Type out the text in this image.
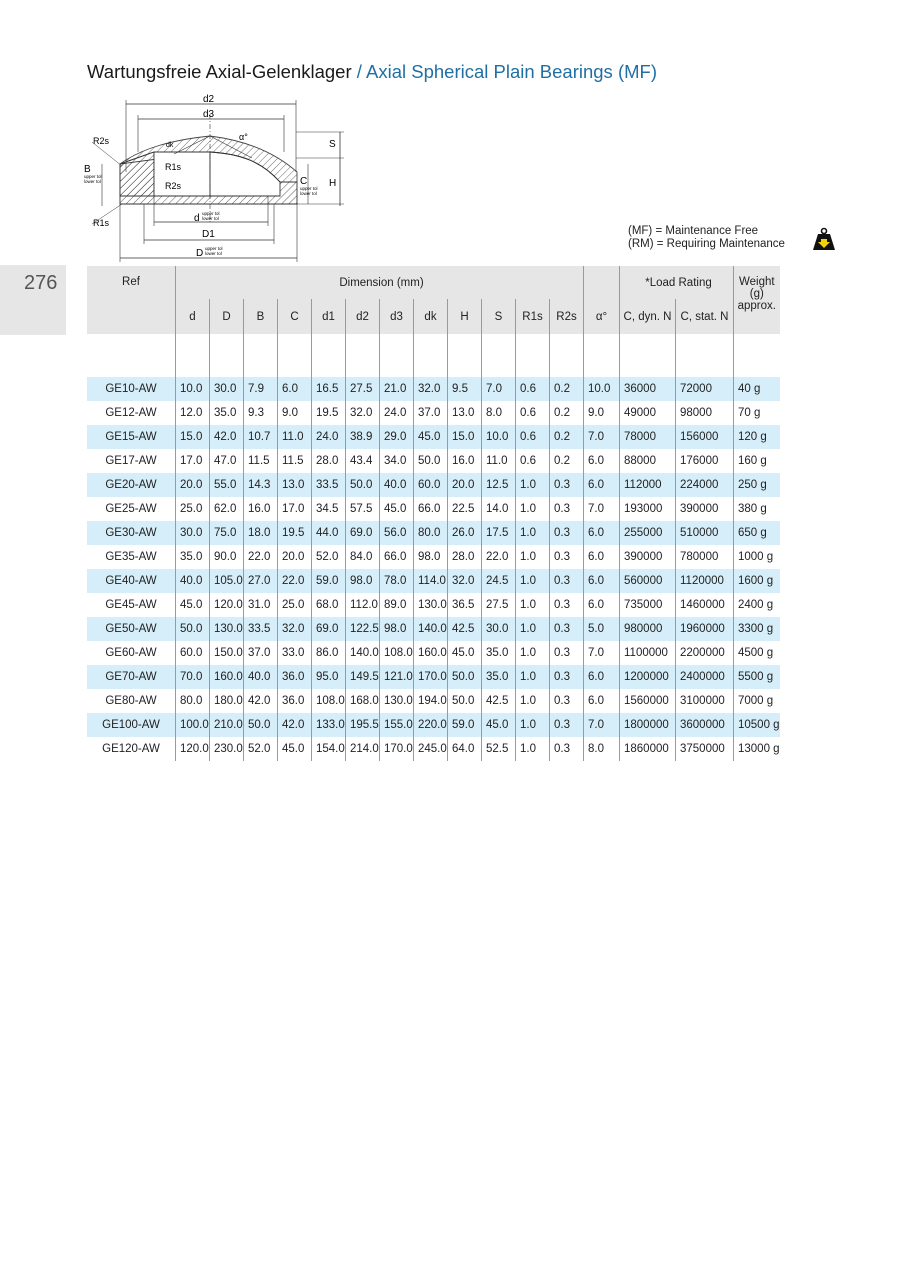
Wartungsfreie Axial-Gelenklager / Axial Spherical Plain Bearings (MF)
276
d2
d3
α°
dk	S
H
C
upper tol
lower tol
R2s
B
upper tol
lower tol
R1s
R1s
R2s
d upper tol
lower tol
D1
D upper tol
lower tol
(MF) = Maintenance Free
(RM) = Requiring Maintenance
Ref	Dimension (mm)													*Load Rating		Weight
(g)
approx.

	d	D	B	C	d1	d2	d3	dk	H	S	R1s	R2s	α°	C, dyn. N	C, stat. N	

GE10-AW	10.0	30.0	7.9	6.0	16.5	27.5	21.0	32.0	9.5	7.0	0.6	0.2	10.0	36000	72000	40 g
GE12-AW	12.0	35.0	9.3	9.0	19.5	32.0	24.0	37.0	13.0	8.0	0.6	0.2	9.0	49000	98000	70 g
GE15-AW	15.0	42.0	10.7	11.0	24.0	38.9	29.0	45.0	15.0	10.0	0.6	0.2	7.0	78000	156000	120 g
GE17-AW	17.0	47.0	11.5	11.5	28.0	43.4	34.0	50.0	16.0	11.0	0.6	0.2	6.0	88000	176000	160 g
GE20-AW	20.0	55.0	14.3	13.0	33.5	50.0	40.0	60.0	20.0	12.5	1.0	0.3	6.0	112000	224000	250 g
GE25-AW	25.0	62.0	16.0	17.0	34.5	57.5	45.0	66.0	22.5	14.0	1.0	0.3	7.0	193000	390000	380 g
GE30-AW	30.0	75.0	18.0	19.5	44.0	69.0	56.0	80.0	26.0	17.5	1.0	0.3	6.0	255000	510000	650 g
GE35-AW	35.0	90.0	22.0	20.0	52.0	84.0	66.0	98.0	28.0	22.0	1.0	0.3	6.0	390000	780000	1000 g
GE40-AW	40.0	105.0	27.0	22.0	59.0	98.0	78.0	114.0	32.0	24.5	1.0	0.3	6.0	560000	1120000	1600 g
GE45-AW	45.0	120.0	31.0	25.0	68.0	112.0	89.0	130.0	36.5	27.5	1.0	0.3	6.0	735000	1460000	2400 g
GE50-AW	50.0	130.0	33.5	32.0	69.0	122.5	98.0	140.0	42.5	30.0	1.0	0.3	5.0	980000	1960000	3300 g
GE60-AW	60.0	150.0	37.0	33.0	86.0	140.0	108.0	160.0	45.0	35.0	1.0	0.3	7.0	1100000	2200000	4500 g
GE70-AW	70.0	160.0	40.0	36.0	95.0	149.5	121.0	170.0	50.0	35.0	1.0	0.3	6.0	1200000	2400000	5500 g
GE80-AW	80.0	180.0	42.0	36.0	108.0	168.0	130.0	194.0	50.0	42.5	1.0	0.3	6.0	1560000	3100000	7000 g
GE100-AW	100.0	210.0	50.0	42.0	133.0	195.5	155.0	220.0	59.0	45.0	1.0	0.3	7.0	1800000	3600000	10500 g
GE120-AW	120.0	230.0	52.0	45.0	154.0	214.0	170.0	245.0	64.0	52.5	1.0	0.3	8.0	1860000	3750000	13000 g
